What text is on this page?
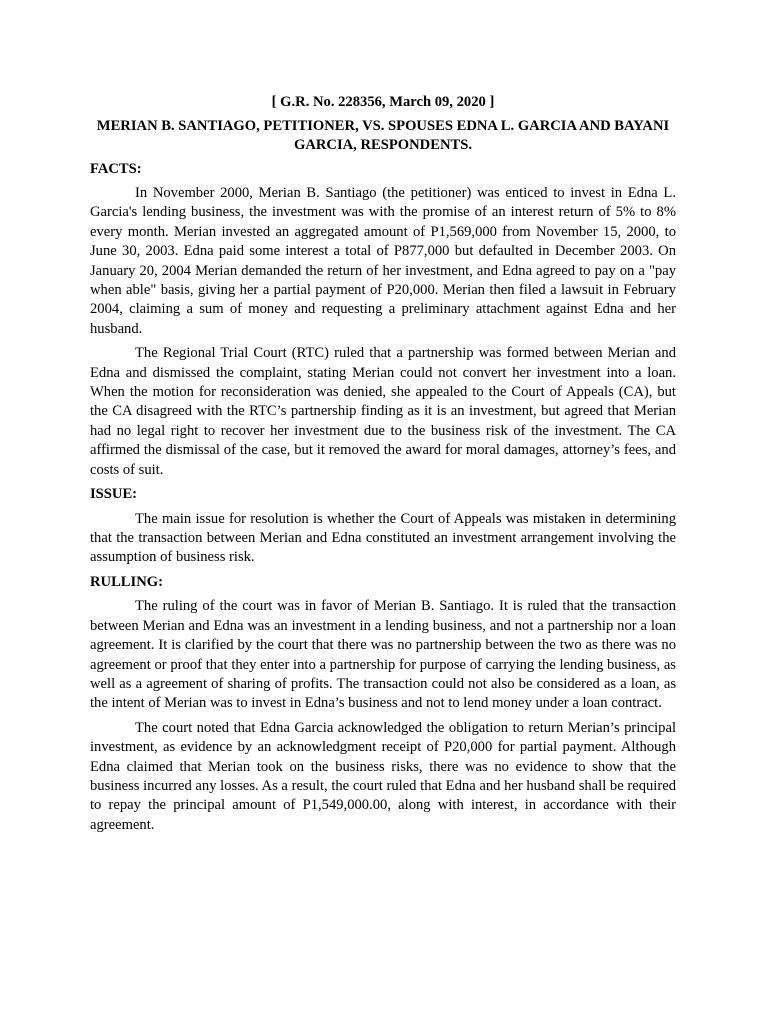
[ G.R. No. 228356, March 09, 2020 ]
MERIAN B. SANTIAGO, PETITIONER, VS. SPOUSES EDNA L. GARCIA AND BAYANI GARCIA, RESPONDENTS.
FACTS:

In November 2000, Merian B. Santiago (the petitioner) was enticed to invest in Edna L. Garcia's lending business, the investment was with the promise of an interest return of 5% to 8% every month. Merian invested an aggregated amount of P1,569,000 from November 15, 2000, to June 30, 2003. Edna paid some interest a total of P877,000 but defaulted in December 2003. On January 20, 2004 Merian demanded the return of her investment, and Edna agreed to pay on a "pay when able" basis, giving her a partial payment of P20,000. Merian then filed a lawsuit in February 2004, claiming a sum of money and requesting a preliminary attachment against Edna and her husband.

The Regional Trial Court (RTC) ruled that a partnership was formed between Merian and Edna and dismissed the complaint, stating Merian could not convert her investment into a loan. When the motion for reconsideration was denied, she appealed to the Court of Appeals (CA), but the CA disagreed with the RTC’s partnership finding as it is an investment, but agreed that Merian had no legal right to recover her investment due to the business risk of the investment. The CA affirmed the dismissal of the case, but it removed the award for moral damages, attorney’s fees, and costs of suit.

ISSUE:

The main issue for resolution is whether the Court of Appeals was mistaken in determining that the transaction between Merian and Edna constituted an investment arrangement involving the assumption of business risk.

RULLING:

The ruling of the court was in favor of Merian B. Santiago. It is ruled that the transaction between Merian and Edna was an investment in a lending business, and not a partnership nor a loan agreement. It is clarified by the court that there was no partnership between the two as there was no agreement or proof that they enter into a partnership for purpose of carrying the lending business, as well as a agreement of sharing of profits. The transaction could not also be considered as a loan, as the intent of Merian was to invest in Edna’s business and not to lend money under a loan contract.

The court noted that Edna Garcia acknowledged the obligation to return Merian’s principal investment, as evidence by an acknowledgment receipt of P20,000 for partial payment. Although Edna claimed that Merian took on the business risks, there was no evidence to show that the business incurred any losses. As a result, the court ruled that Edna and her husband shall be required to repay the principal amount of P1,549,000.00, along with interest, in accordance with their agreement.
